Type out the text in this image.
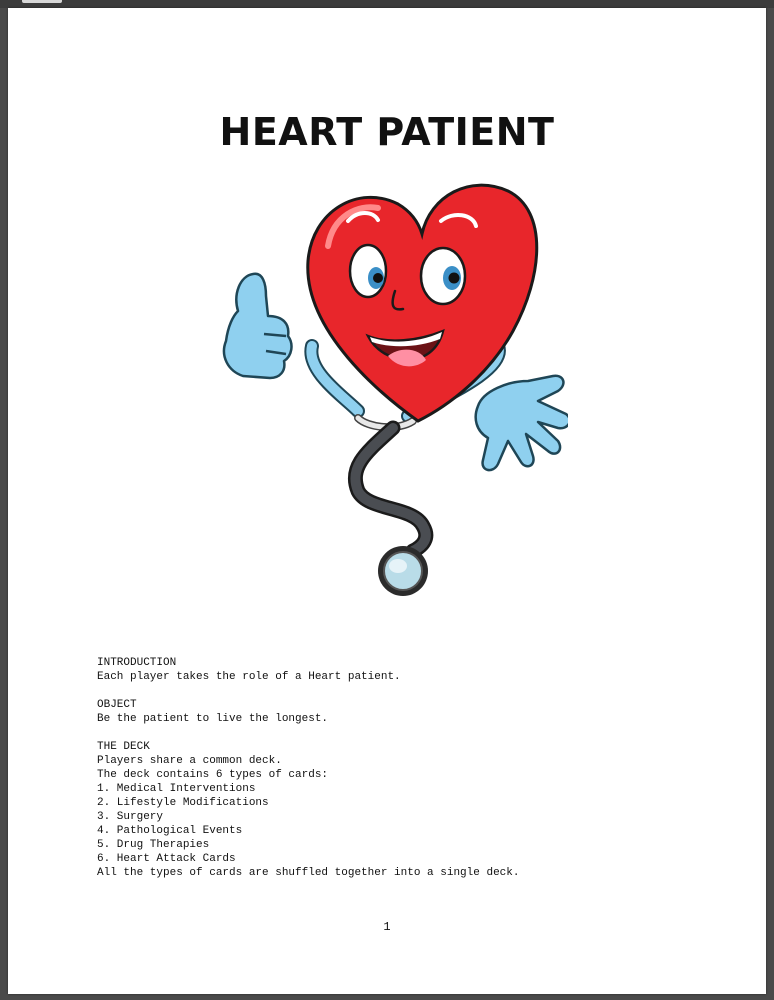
HEART PATIENT
INTRODUCTION
Each player takes the role of a Heart patient.
OBJECT
Be the patient to live the longest.
THE DECK
Players share a common deck.
The deck contains 6 types of cards:
1. Medical Interventions
2. Lifestyle Modifications
3. Surgery
4. Pathological Events
5. Drug Therapies
6. Heart Attack Cards
All the types of cards are shuffled together into a single deck.
1
